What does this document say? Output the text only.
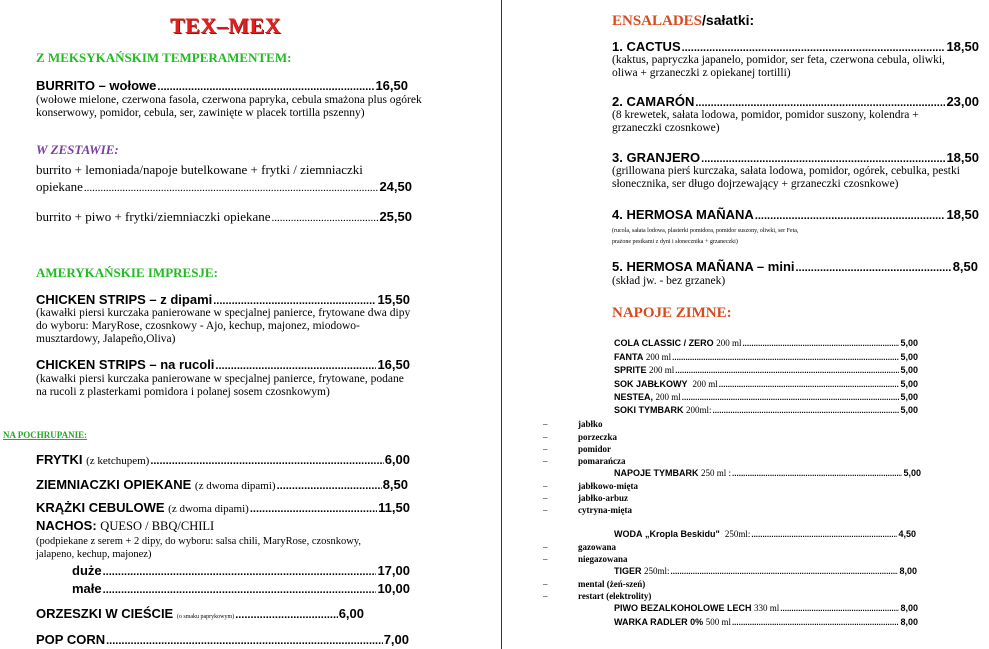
TEX–MEX
Z MEKSYKAŃSKIM TEMPERAMENTEM:
BURRITO – wołowe .....	16,50
(wołowe mielone, czerwona fasola, czerwona papryka, cebula smażona plus ogórek konserwowy, pomidor, cebula, ser, zawinięte w placek tortilla pszenny)
W ZESTAWIE:
burrito + lemoniada/napoje butelkowane + frytki / ziemniaczki
opiekane .....	24,50
burrito + piwo + frytki/ziemniaczki opiekane .....	25,50
AMERYKAŃSKIE IMPRESJE:
CHICKEN STRIPS – z dipami .....	15,50
(kawałki piersi kurczaka panierowane w specjalnej panierce, frytowane dwa dipy do wyboru: MaryRose, czosnkowy - Ajo, kechup, majonez, miodowo-musztardowy, Jalapeño,Oliva)
CHICKEN STRIPS – na rucoli .....	16,50
(kawałki piersi kurczaka panierowane w specjalnej panierce, frytowane, podane na rucoli z plasterkami pomidora i polanej sosem czosnkowym)
NA POCHRUPANIE:
FRYTKI
(z ketchupem) .....	6,00
ZIEMNIACZKI OPIEKANE
(z dwoma dipami) .....	8,50
KRĄŻKI CEBULOWE
(z dwoma dipami) .....	11,50
NACHOS: QUESO / BBQ/CHILI
(podpiekane z serem + 2 dipy, do wyboru: salsa chili, MaryRose, czosnkowy, jalapeno, kechup, majonez)
duże .....	17,00
małe .....	10,00
ORZESZKI W CIEŚCIE
(o smaku paprykowym) .....	6,00
POP CORN .....	7,00
ENSALADES/sałatki:
1. CACTUS .....	18,50
(kaktus, papryczka japanelo, pomidor, ser feta, czerwona cebula, oliwki, oliwa + grzaneczki z opiekanej tortilli)
2. CAMARÓN .....	23,00
(8 krewetek, sałata lodowa, pomidor, pomidor suszony, kolendra + grzaneczki czosnkowe)
3. GRANJERO .....	18,50
(grillowana pierś kurczaka, sałata lodowa, pomidor, ogórek, cebulka, pestki słonecznika, ser długo dojrzewający + grzaneczki czosnkowe)
4. HERMOSA MAÑANA .....	18,50
(rucola, sałata lodowa, plasterki pomidora, pomidor suszony, oliwki, ser Feta,
prażone pestkami z dyni i słonecznika + grzaneczki)
5. HERMOSA MAÑANA – mini .....	8,50
(skład jw. - bez grzanek)
NAPOJE ZIMNE:
COLA CLASSIC / ZERO
200 ml .....	5,00
FANTA
200 ml .....	5,00
SPRITE
200 ml .....	5,00
SOK JABŁKOWY
200 ml .....	5,00
NESTEA,
200 ml .....	5,00
SOKI TYMBARK
200ml: .....	5,00
–	jabłko
–	porzeczka
–	pomidor
–	pomarańcza
NAPOJE TYMBARK
250 ml : .....	5,00
–	jabłkowo-mięta
–	jabłko-arbuz
–	cytryna-mięta
WODA
„Kropla Beskidu"
250ml: .....	4,50
–	gazowana
–	niegazowana
TIGER
250ml: .....	8,00
–	mental (żeń-szeń)
–	restart (elektrolity)
PIWO BEZALKOHOLOWE LECH
330 ml .....	8,00
WARKA RADLER 0%
500 ml .....	8,00
